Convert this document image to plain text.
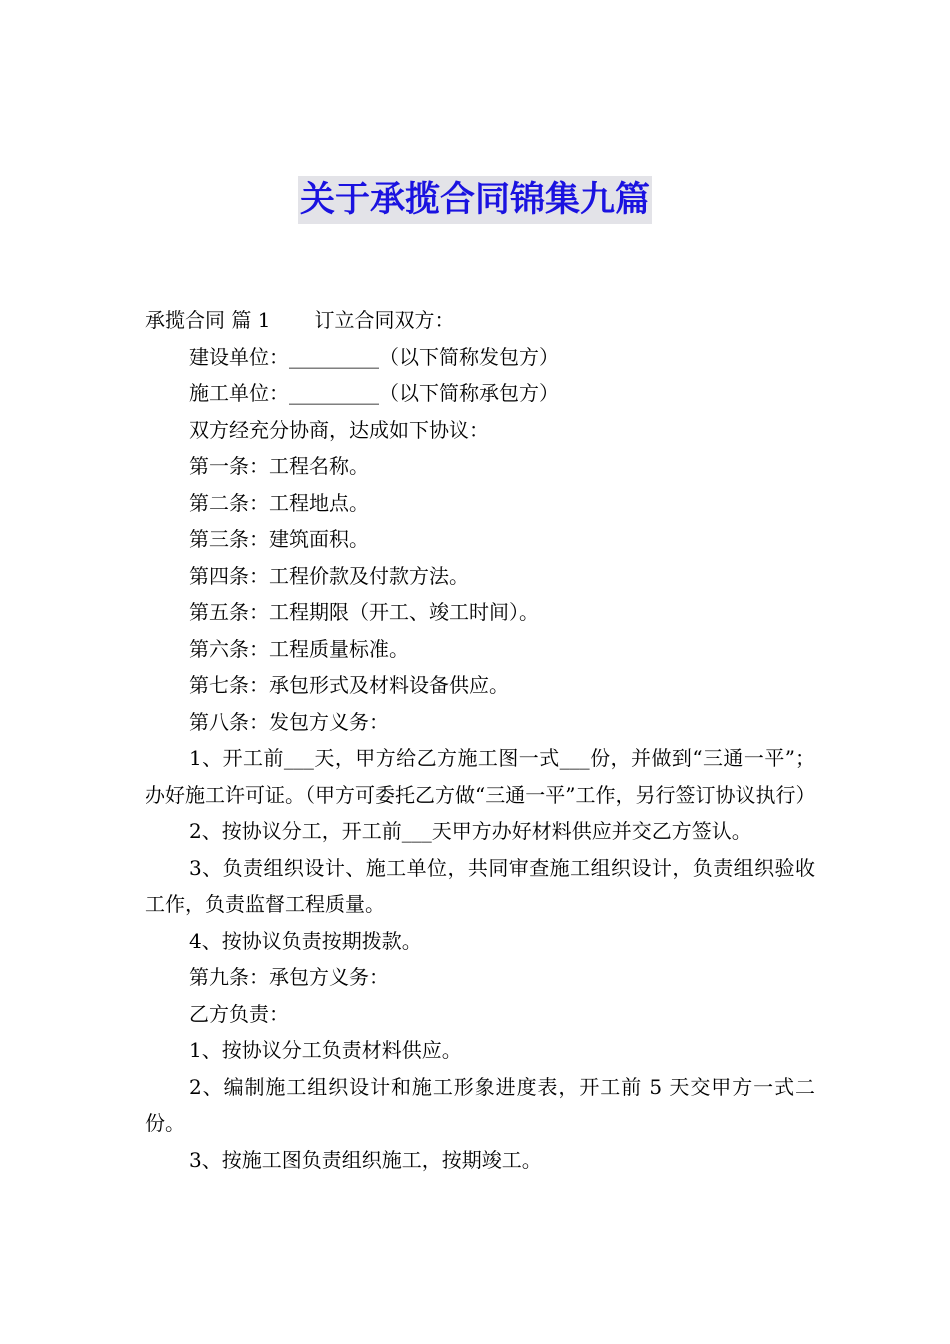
关于承揽合同锦集九篇

承揽合同 篇 1 订立合同双方：

建设单位：_________（以下简称发包方）

施工单位：_________（以下简称承包方）

双方经充分协商，达成如下协议：

第一条：工程名称。

第二条：工程地点。

第三条：建筑面积。

第四条：工程价款及付款方法。

第五条：工程期限（开工、竣工时间）。

第六条：工程质量标准。

第七条：承包形式及材料设备供应。

第八条：发包方义务：

1、开工前___天，甲方给乙方施工图一式___份，并做到“三通一平”；办好施工许可证。（甲方可委托乙方做“三通一平”工作，另行签订协议执行）

2、按协议分工，开工前___天甲方办好材料供应并交乙方签认。

3、负责组织设计、施工单位，共同审查施工组织设计，负责组织验收工作，负责监督工程质量。

4、按协议负责按期拨款。

第九条：承包方义务：

乙方负责：

1、按协议分工负责材料供应。

2、编制施工组织设计和施工形象进度表，开工前 5 天交甲方一式二份。

3、按施工图负责组织施工，按期竣工。
